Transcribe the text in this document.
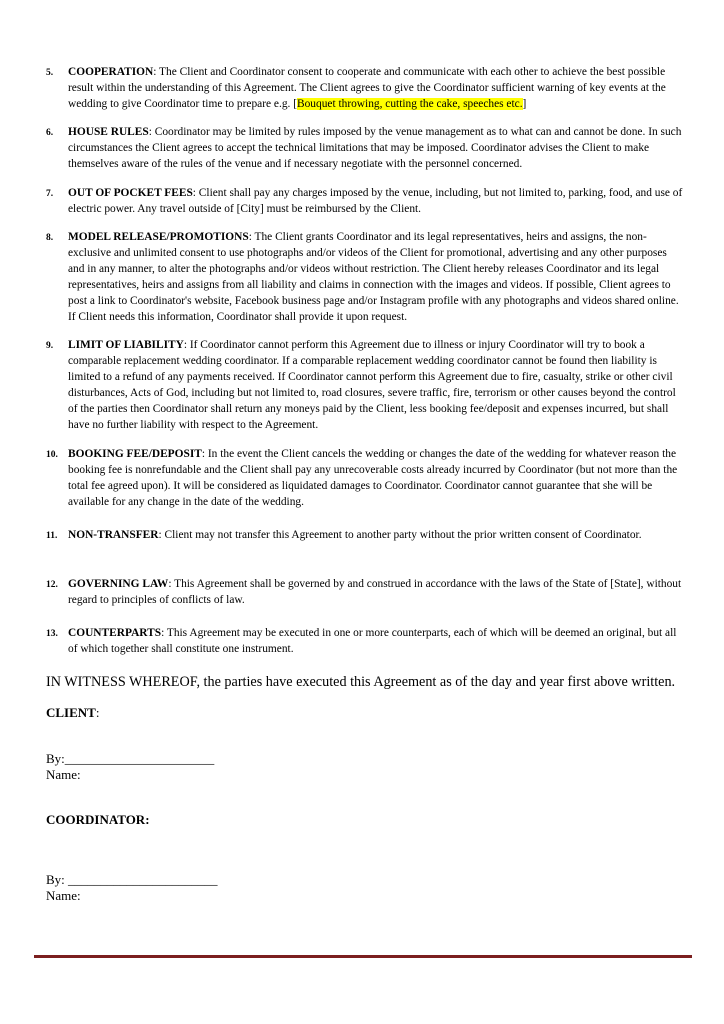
5. COOPERATION: The Client and Coordinator consent to cooperate and communicate with each other to achieve the best possible result within the understanding of this Agreement. The Client agrees to give the Coordinator sufficient warning of key events at the wedding to give Coordinator time to prepare e.g. [Bouquet throwing, cutting the cake, speeches etc.]
6. HOUSE RULES: Coordinator may be limited by rules imposed by the venue management as to what can and cannot be done. In such circumstances the Client agrees to accept the technical limitations that may be imposed. Coordinator advises the Client to make themselves aware of the rules of the venue and if necessary negotiate with the personnel concerned.
7. OUT OF POCKET FEES: Client shall pay any charges imposed by the venue, including, but not limited to, parking, food, and use of electric power. Any travel outside of [City] must be reimbursed by the Client.
8. MODEL RELEASE/PROMOTIONS: The Client grants Coordinator and its legal representatives, heirs and assigns, the non-exclusive and unlimited consent to use photographs and/or videos of the Client for promotional, advertising and any other purposes and in any manner, to alter the photographs and/or videos without restriction. The Client hereby releases Coordinator and its legal representatives, heirs and assigns from all liability and claims in connection with the images and videos. If possible, Client agrees to post a link to Coordinator's website, Facebook business page and/or Instagram profile with any photographs and videos shared online. If Client needs this information, Coordinator shall provide it upon request.
9. LIMIT OF LIABILITY: If Coordinator cannot perform this Agreement due to illness or injury Coordinator will try to book a comparable replacement wedding coordinator. If a comparable replacement wedding coordinator cannot be found then liability is limited to a refund of any payments received. If Coordinator cannot perform this Agreement due to fire, casualty, strike or other civil disturbances, Acts of God, including but not limited to, road closures, severe traffic, fire, terrorism or other causes beyond the control of the parties then Coordinator shall return any moneys paid by the Client, less booking fee/deposit and expenses incurred, but shall have no further liability with respect to the Agreement.
10. BOOKING FEE/DEPOSIT: In the event the Client cancels the wedding or changes the date of the wedding for whatever reason the booking fee is nonrefundable and the Client shall pay any unrecoverable costs already incurred by Coordinator (but not more than the total fee agreed upon). It will be considered as liquidated damages to Coordinator. Coordinator cannot guarantee that she will be available for any change in the date of the wedding.
11. NON-TRANSFER: Client may not transfer this Agreement to another party without the prior written consent of Coordinator.
12. GOVERNING LAW: This Agreement shall be governed by and construed in accordance with the laws of the State of [State], without regard to principles of conflicts of law.
13. COUNTERPARTS: This Agreement may be executed in one or more counterparts, each of which will be deemed an original, but all of which together shall constitute one instrument.
IN WITNESS WHEREOF, the parties have executed this Agreement as of the day and year first above written.
CLIENT:
By:_______________________
Name:
COORDINATOR:
By: _______________________
Name:
